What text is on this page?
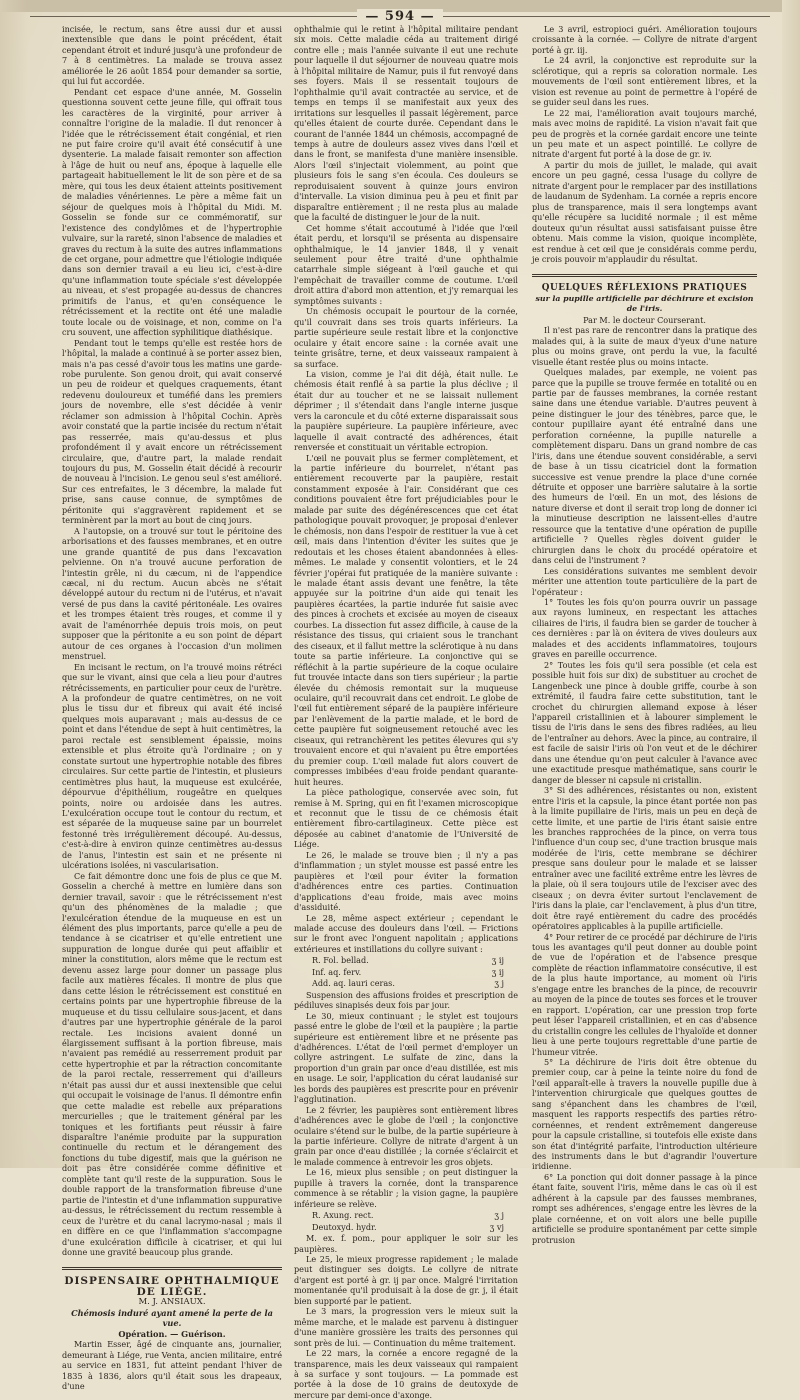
— 594 —

incisée, le rectum, sans être aussi dur et aussi inextensible que dans le point précédent, était cependant étroit et induré jusqu'à une profondeur de 7 à 8 centimètres. La malade se trouva assez améliorée le 26 août 1854 pour demander sa sortie, qui lui fut accordée.

Pendant cet espace d'une année, M. Gosselin questionna souvent cette jeune fille, qui offrait tous les caractères de la virginité, pour arriver à connaître l'origine de la maladie. Il dut renoncer à l'idée que le rétrécissement était congénial, et rien ne put faire croire qu'il avait été consécutif à une dysenterie. La malade faisait remonter son affection à l'âge de huit ou neuf ans, époque à laquelle elle partageait habituellement le lit de son père et de sa mère, qui tous les deux étaient atteints positivement de maladies vénériennes. Le père a même fait un séjour de quelques mois à l'hôpital du Midi. M. Gosselin se fonde sur ce commémoratif, sur l'existence des condylômes et de l'hypertrophie vulvaire, sur la rareté, sinon l'absence de maladies et graves du rectum à la suite des autres inflammations de cet organe, pour admettre que l'étiologie indiquée dans son dernier travail a eu lieu ici, c'est-à-dire qu'une inflammation toute spéciale s'est développée au niveau, et s'est propagée au-dessus de chancres primitifs de l'anus, et qu'en conséquence le rétrécissement et la rectite ont été une maladie toute locale ou de voisinage, et non, comme on l'a cru souvent, une affection syphilitique diathésique.

Pendant tout le temps qu'elle est restée hors de l'hôpital, la malade a continué à se porter assez bien, mais n'a pas cessé d'avoir tous les matins une garde-robe purulente. Son genou droit, qui avait conservé un peu de roideur et quelques craquements, étant redevenu douloureux et tuméfié dans les premiers jours de novembre, elle s'est décidée à venir réclamer son admission à l'hôpital Cochin. Après avoir constaté que la partie incisée du rectum n'était pas resserrée, mais qu'au-dessus et plus profondément il y avait encore un rétrécissement circulaire, que, d'autre part, la malade rendait toujours du pus, M. Gosselin était décidé à recourir de nouveau à l'incision. Le genou seul s'est amélioré. Sur ces entrefaites, le 3 décembre, la malade fut prise, sans cause connue, de symptômes de péritonite qui s'aggravèrent rapidement et se terminèrent par la mort au bout de cinq jours.

A l'autopsie, on a trouvé sur tout le péritoine des arborisations et des fausses membranes, et en outre une grande quantité de pus dans l'excavation pelvienne. On n'a trouvé aucune perforation de l'intestin grêle, ni du cæcum, ni de l'appendice cæcal, ni du rectum. Aucun abcès ne s'était développé autour du rectum ni de l'utérus, et n'avait versé de pus dans la cavité péritonéale. Les ovaires et les trompes étaient très rouges, et comme il y avait de l'aménorrhée depuis trois mois, on peut supposer que la péritonite a eu son point de départ autour de ces organes à l'occasion d'un molimen menstruel.

En incisant le rectum, on l'a trouvé moins rétréci que sur le vivant, ainsi que cela a lieu pour d'autres rétrécissements, en particulier pour ceux de l'urètre. A la profondeur de quatre centimètres, on ne voit plus le tissu dur et fibreux qui avait été incisé quelques mois auparavant ; mais au-dessus de ce point et dans l'étendue de sept à huit centimètres, la paroi rectale est sensiblement épaissie, moins extensible et plus étroite qu'à l'ordinaire ; on y constate surtout une hypertrophie notable des fibres circulaires. Sur cette partie de l'intestin, et plusieurs centimètres plus haut, la muqueuse est exulcérée, dépourvue d'épithélium, rougeâtre en quelques points, noire ou ardoisée dans les autres. L'exulcération occupe tout le contour du rectum, et est séparée de la muqueuse saine par un bourrelet festonné très irrégulièrement découpé. Au-dessus, c'est-à-dire à environ quinze centimètres au-dessus de l'anus, l'intestin est sain et ne présente ni ulcérations isolées, ni vascularisation.

Ce fait démontre donc une fois de plus ce que M. Gosselin a cherché à mettre en lumière dans son dernier travail, savoir : que le rétrécissement n'est qu'un des phénomènes de la maladie ; que l'exulcération étendue de la muqueuse en est un élément des plus importants, parce qu'elle a peu de tendance à se cicatriser et qu'elle entretient une suppuration de longue durée qui peut affaiblir et miner la constitution, alors même que le rectum est devenu assez large pour donner un passage plus facile aux matières fécales. Il montre de plus que dans cette lésion le rétrécissement est constitué en certains points par une hypertrophie fibreuse de la muqueuse et du tissu cellulaire sous-jacent, et dans d'autres par une hypertrophie générale de la paroi rectale. Les incisions avaient donné un élargissement suffisant à la portion fibreuse, mais n'avaient pas remédié au resserrement produit par cette hypertrophie et par la rétraction concomitante de la paroi rectale, resserrement qui d'ailleurs n'était pas aussi dur et aussi inextensible que celui qui occupait le voisinage de l'anus. Il démontre enfin que cette maladie est rebelle aux préparations mercurielles ; que le traitement général par les toniques et les fortifiants peut réussir à faire disparaître l'anémie produite par la suppuration continuelle du rectum et le dérangement des fonctions du tube digestif, mais que la guérison ne doit pas être considérée comme définitive et complète tant qu'il reste de la suppuration. Sous le double rapport de la transformation fibreuse d'une partie de l'intestin et d'une inflammation suppurative au-dessus, le rétrécissement du rectum ressemble à ceux de l'urètre et du canal lacrymo-nasal ; mais il en diffère en ce que l'inflammation s'accompagne d'une exulcération difficile à cicatriser, et qui lui donne une gravité beaucoup plus grande.

DISPENSAIRE OPHTHALMIQUE DE LIÈGE.

M. J. ANSIAUX.

Chémosis induré ayant amené la perte de la vue.

Opération. — Guérison.

Martin Esser, âgé de cinquante ans, journalier, demeurant à Liége, rue Venta, ancien militaire, entré au service en 1831, fut atteint pendant l'hiver de 1835 à 1836, alors qu'il était sous les drapeaux, d'une

ophthalmie qui le retint à l'hôpital militaire pendant six mois. Cette maladie céda au traitement dirigé contre elle ; mais l'année suivante il eut une rechute pour laquelle il dut séjourner de nouveau quatre mois à l'hôpital militaire de Namur, puis il fut renvoyé dans ses foyers. Mais il se ressentait toujours de l'ophthalmie qu'il avait contractée au service, et de temps en temps il se manifestait aux yeux des irritations sur lesquelles il passait légèrement, parce qu'elles étaient de courte durée. Cependant dans le courant de l'année 1844 un chémosis, accompagné de temps à autre de douleurs assez vives dans l'œil et dans le front, se manifesta d'une manière insensible. Alors l'œil s'injectait violemment, au point que plusieurs fois le sang s'en écoula. Ces douleurs se reproduisaient souvent à quinze jours environ d'intervalle. La vision diminua peu à peu et finit par disparaître entièrement ; il ne resta plus au malade que la faculté de distinguer le jour de la nuit.

Cet homme s'était accoutumé à l'idée que l'œil était perdu, et lorsqu'il se présenta au dispensaire ophthalmique, le 14 janvier 1848, il y venait seulement pour être traité d'une ophthalmie catarrhale simple siégeant à l'œil gauche et qui l'empêchait de travailler comme de coutume. L'œil droit attira d'abord mon attention, et j'y remarquai les symptômes suivants :

Un chémosis occupait le pourtour de la cornée, qu'il couvrait dans ses trois quarts inférieurs. La partie supérieure seule restait libre et la conjonctive oculaire y était encore saine : la cornée avait une teinte grisâtre, terne, et deux vaisseaux rampaient à sa surface.

La vision, comme je l'ai dit déjà, était nulle. Le chémosis était renflé à sa partie la plus déclive ; il était dur au toucher et ne se laissait nullement déprimer ; il s'étendait dans l'angle interne jusque vers la caroncule et du côté externe disparaissait sous la paupière supérieure. La paupière inférieure, avec laquelle il avait contracté des adhérences, était renversée et constituait un véritable ectropion.

L'œil ne pouvait plus se fermer complètement, et la partie inférieure du bourrelet, n'étant pas entièrement recouverte par la paupière, restait constamment exposée à l'air. Considérant que ces conditions pouvaient être fort préjudiciables pour le malade par suite des dégénérescences que cet état pathologique pouvait provoquer, je proposai d'enlever le chémosis, non dans l'espoir de restituer la vue à cet œil, mais dans l'intention d'éviter les suites que je redoutais et les choses étaient abandonnées à elles-mêmes. Le malade y consentit volontiers, et le 24 février j'opérai fut pratiquée de la manière suivante : le malade étant assis devant une fenêtre, la tête appuyée sur la poitrine d'un aide qui tenait les paupières écartées, la partie indurée fut saisie avec des pinces à crochets et excisée au moyen de ciseaux courbes. La dissection fut assez difficile, à cause de la résistance des tissus, qui criaient sous le tranchant des ciseaux, et il fallut mettre la sclérotique à nu dans toute sa partie inférieure. La conjonctive qui se réfléchit à la partie supérieure de la coque oculaire fut trouvée intacte dans son tiers supérieur ; la partie élevée du chémosis remontait sur la muqueuse oculaire, qu'il recouvrait dans cet endroit. Le globe de l'œil fut entièrement séparé de la paupière inférieure par l'enlèvement de la partie malade, et le bord de cette paupière fut soigneusement retouché avec les ciseaux, qui retranchèrent les petites élevures qui s'y trouvaient encore et qui n'avaient pu être emportées du premier coup. L'œil malade fut alors couvert de compresses imbibées d'eau froide pendant quarante-huit heures.

La pièce pathologique, conservée avec soin, fut remise à M. Spring, qui en fit l'examen microscopique et reconnut que le tissu de ce chémosis était entièrement fibro-cartilagineux. Cette pièce est déposée au cabinet d'anatomie de l'Université de Liége.

Le 26, le malade se trouve bien ; il n'y a pas d'inflammation ; un stylet mousse est passé entre les paupières et l'œil pour éviter la formation d'adhérences entre ces parties. Continuation d'applications d'eau froide, mais avec moins d'assiduité.

Le 28, même aspect extérieur ; cependant le malade accuse des douleurs dans l'œil. — Frictions sur le front avec l'onguent napolitain ; applications extérieures et instillations du collyre suivant :

R. Fol. bellad.	ʒ ij
Inf. aq. ferv.	ʒ ij
Add. aq. lauri ceras.	ʒ j

Suspension des affusions froides et prescription de pédiluves sinapisés deux fois par jour.

Le 30, mieux continuant ; le stylet est toujours passé entre le globe de l'œil et la paupière ; la partie supérieure est entièrement libre et ne présente pas d'adhérences. L'état de l'œil permet d'employer un collyre astringent. Le sulfate de zinc, dans la proportion d'un grain par once d'eau distillée, est mis en usage. Le soir, l'application du cérat laudanisé sur les bords des paupières est prescrite pour en prévenir l'agglutination.

Le 2 février, les paupières sont entièrement libres d'adhérences avec le globe de l'œil ; la conjonctive oculaire s'étend sur le bulbe, de la partie supérieure à la partie inférieure. Collyre de nitrate d'argent à un grain par once d'eau distillée ; la cornée s'éclaircit et le malade commence à entrevoir les gros objets.

Le 16, mieux plus sensible ; on peut distinguer la pupille à travers la cornée, dont la transparence commence à se rétablir ; la vision gagne, la paupière inférieure se relève.

R. Axung. rect.	ʒ j
Deutoxyd. hydr.	ʒ vj

M. ex. f. pom., pour appliquer le soir sur les paupières.

Le 25, le mieux progresse rapidement ; le malade peut distinguer ses doigts. Le collyre de nitrate d'argent est porté à gr. ij par once. Malgré l'irritation momentanée qu'il produisait à la dose de gr. j, il était bien supporté par le patient.

Le 3 mars, la progression vers le mieux suit la même marche, et le malade est parvenu à distinguer d'une manière grossière les traits des personnes qui sont près de lui. — Continuation du même traitement.

Le 22 mars, la cornée a encore regagné de la transparence, mais les deux vaisseaux qui rampaient à sa surface y sont toujours. — La pommade est portée à la dose de 10 grains de deutoxyde de mercure par demi-once d'axonge.

Le 3 avril, estropioci guéri. Amélioration toujours croissante à la cornée. — Collyre de nitrate d'argent porté à gr. iij.

Le 24 avril, la conjonctive est reproduite sur la sclérotique, qui a repris sa coloration normale. Les mouvements de l'œil sont entièrement libres, et la vision est revenue au point de permettre à l'opéré de se guider seul dans les rues.

Le 22 mai, l'amélioration avait toujours marché, mais avec moins de rapidité. La vision n'avait fait que peu de progrès et la cornée gardait encore une teinte un peu mate et un aspect pointillé. Le collyre de nitrate d'argent fut porté à la dose de gr. iv.

A partir du mois de juillet, le malade, qui avait encore un peu gagné, cessa l'usage du collyre de nitrate d'argent pour le remplacer par des instillations de laudanum de Sydenham. La cornée a repris encore plus de transparence, mais il sera longtemps avant qu'elle récupère sa lucidité normale ; il est même douteux qu'un résultat aussi satisfaisant puisse être obtenu. Mais comme la vision, quoique incomplète, est rendue à cet œil que je considérais comme perdu, je crois pouvoir m'applaudir du résultat.

QUELQUES RÉFLEXIONS PRATIQUES

sur la pupille artificielle par déchirure et excision de l'iris.

Par M. le docteur Courserant.

Il n'est pas rare de rencontrer dans la pratique des malades qui, à la suite de maux d'yeux d'une nature plus ou moins grave, ont perdu la vue, la faculté visuelle étant restée plus ou moins intacte.

Quelques malades, par exemple, ne voient pas parce que la pupille se trouve fermée en totalité ou en partie par de fausses membranes, la cornée restant saine dans une étendue variable. D'autres peuvent à peine distinguer le jour des ténèbres, parce que, le contour pupillaire ayant été entraîné dans une perforation cornéenne, la pupille naturelle a complètement disparu. Dans un grand nombre de cas l'iris, dans une étendue souvent considérable, a servi de base à un tissu cicatriciel dont la formation successive est venue prendre la place d'une cornée détruite et opposer une barrière salutaire à la sortie des humeurs de l'œil. En un mot, des lésions de nature diverse et dont il serait trop long de donner ici la minutieuse description ne laissent-elles d'autre ressource que la tentative d'une opération de pupille artificielle ? Quelles règles doivent guider le chirurgien dans le choix du procédé opératoire et dans celui de l'instrument ?

Les considérations suivantes me semblent devoir mériter une attention toute particulière de la part de l'opérateur :

1° Toutes les fois qu'on pourra ouvrir un passage aux rayons lumineux, en respectant les attaches ciliaires de l'iris, il faudra bien se garder de toucher à ces dernières : par là on évitera de vives douleurs aux malades et des accidents inflammatoires, toujours graves en pareille occurrence.

2° Toutes les fois qu'il sera possible (et cela est possible huit fois sur dix) de substituer au crochet de Langenbeck une pince à double griffe, courbe à son extrémité, il faudra faire cette substitution, tant le crochet du chirurgien allemand expose à léser l'appareil cristallinien et à labourer simplement le tissu de l'iris dans le sens des fibres radiées, au lieu de l'entraîner au dehors. Avec la pince, au contraire, il est facile de saisir l'iris où l'on veut et de le déchirer dans une étendue qu'on peut calculer à l'avance avec une exactitude presque mathématique, sans courir le danger de blesser ni capsule ni cristallin.

3° Si des adhérences, résistantes ou non, existent entre l'iris et la capsule, la pince étant portée non pas à la limite pupillaire de l'iris, mais un peu en deçà de cette limite, et une partie de l'iris étant saisie entre les branches rapprochées de la pince, on verra tous l'influence d'un coup sec, d'une traction brusque mais modérée de l'iris, cette membrane se déchirer presque sans douleur pour le malade et se laisser entraîner avec une facilité extrême entre les lèvres de la plaie, où il sera toujours utile de l'exciser avec des ciseaux ; on devra éviter surtout l'enclavement de l'iris dans la plaie, car l'enclavement, à plus d'un titre, doit être rayé entièrement du cadre des procédés opératoires applicables à la pupille artificielle.

4° Pour retirer de ce procédé par déchirure de l'iris tous les avantages qu'il peut donner au double point de vue de l'opération et de l'absence presque complète de réaction inflammatoire consécutive, il est de la plus haute importance, au moment où l'iris s'engage entre les branches de la pince, de recouvrir au moyen de la pince de toutes ses forces et le trouver en rapport. L'opération, car une pression trop forte peut léser l'appareil cristallinien, et en cas d'absence du cristallin congre les cellules de l'hyaloïde et donner lieu à une perte toujours regrettable d'une partie de l'humeur vitrée.

5° La déchirure de l'iris doit être obtenue du premier coup, car à peine la teinte noire du fond de l'œil apparaît-elle à travers la nouvelle pupille due à l'intervention chirurgicale que quelques gouttes de sang s'épanchent dans les chambres de l'œil, masquent les rapports respectifs des parties rétro-cornéennes, et rendent extrêmement dangereuse pour la capsule cristalline, si toutefois elle existe dans son état d'intégrité parfaite, l'introduction ultérieure des instruments dans le but d'agrandir l'ouverture iridienne.

6° La ponction qui doit donner passage à la pince étant faite, souvent l'iris, même dans le cas où il est adhérent à la capsule par des fausses membranes, rompt ses adhérences, s'engage entre les lèvres de la plaie cornéenne, et on voit alors une belle pupille artificielle se produire spontanément par cette simple protrusion
